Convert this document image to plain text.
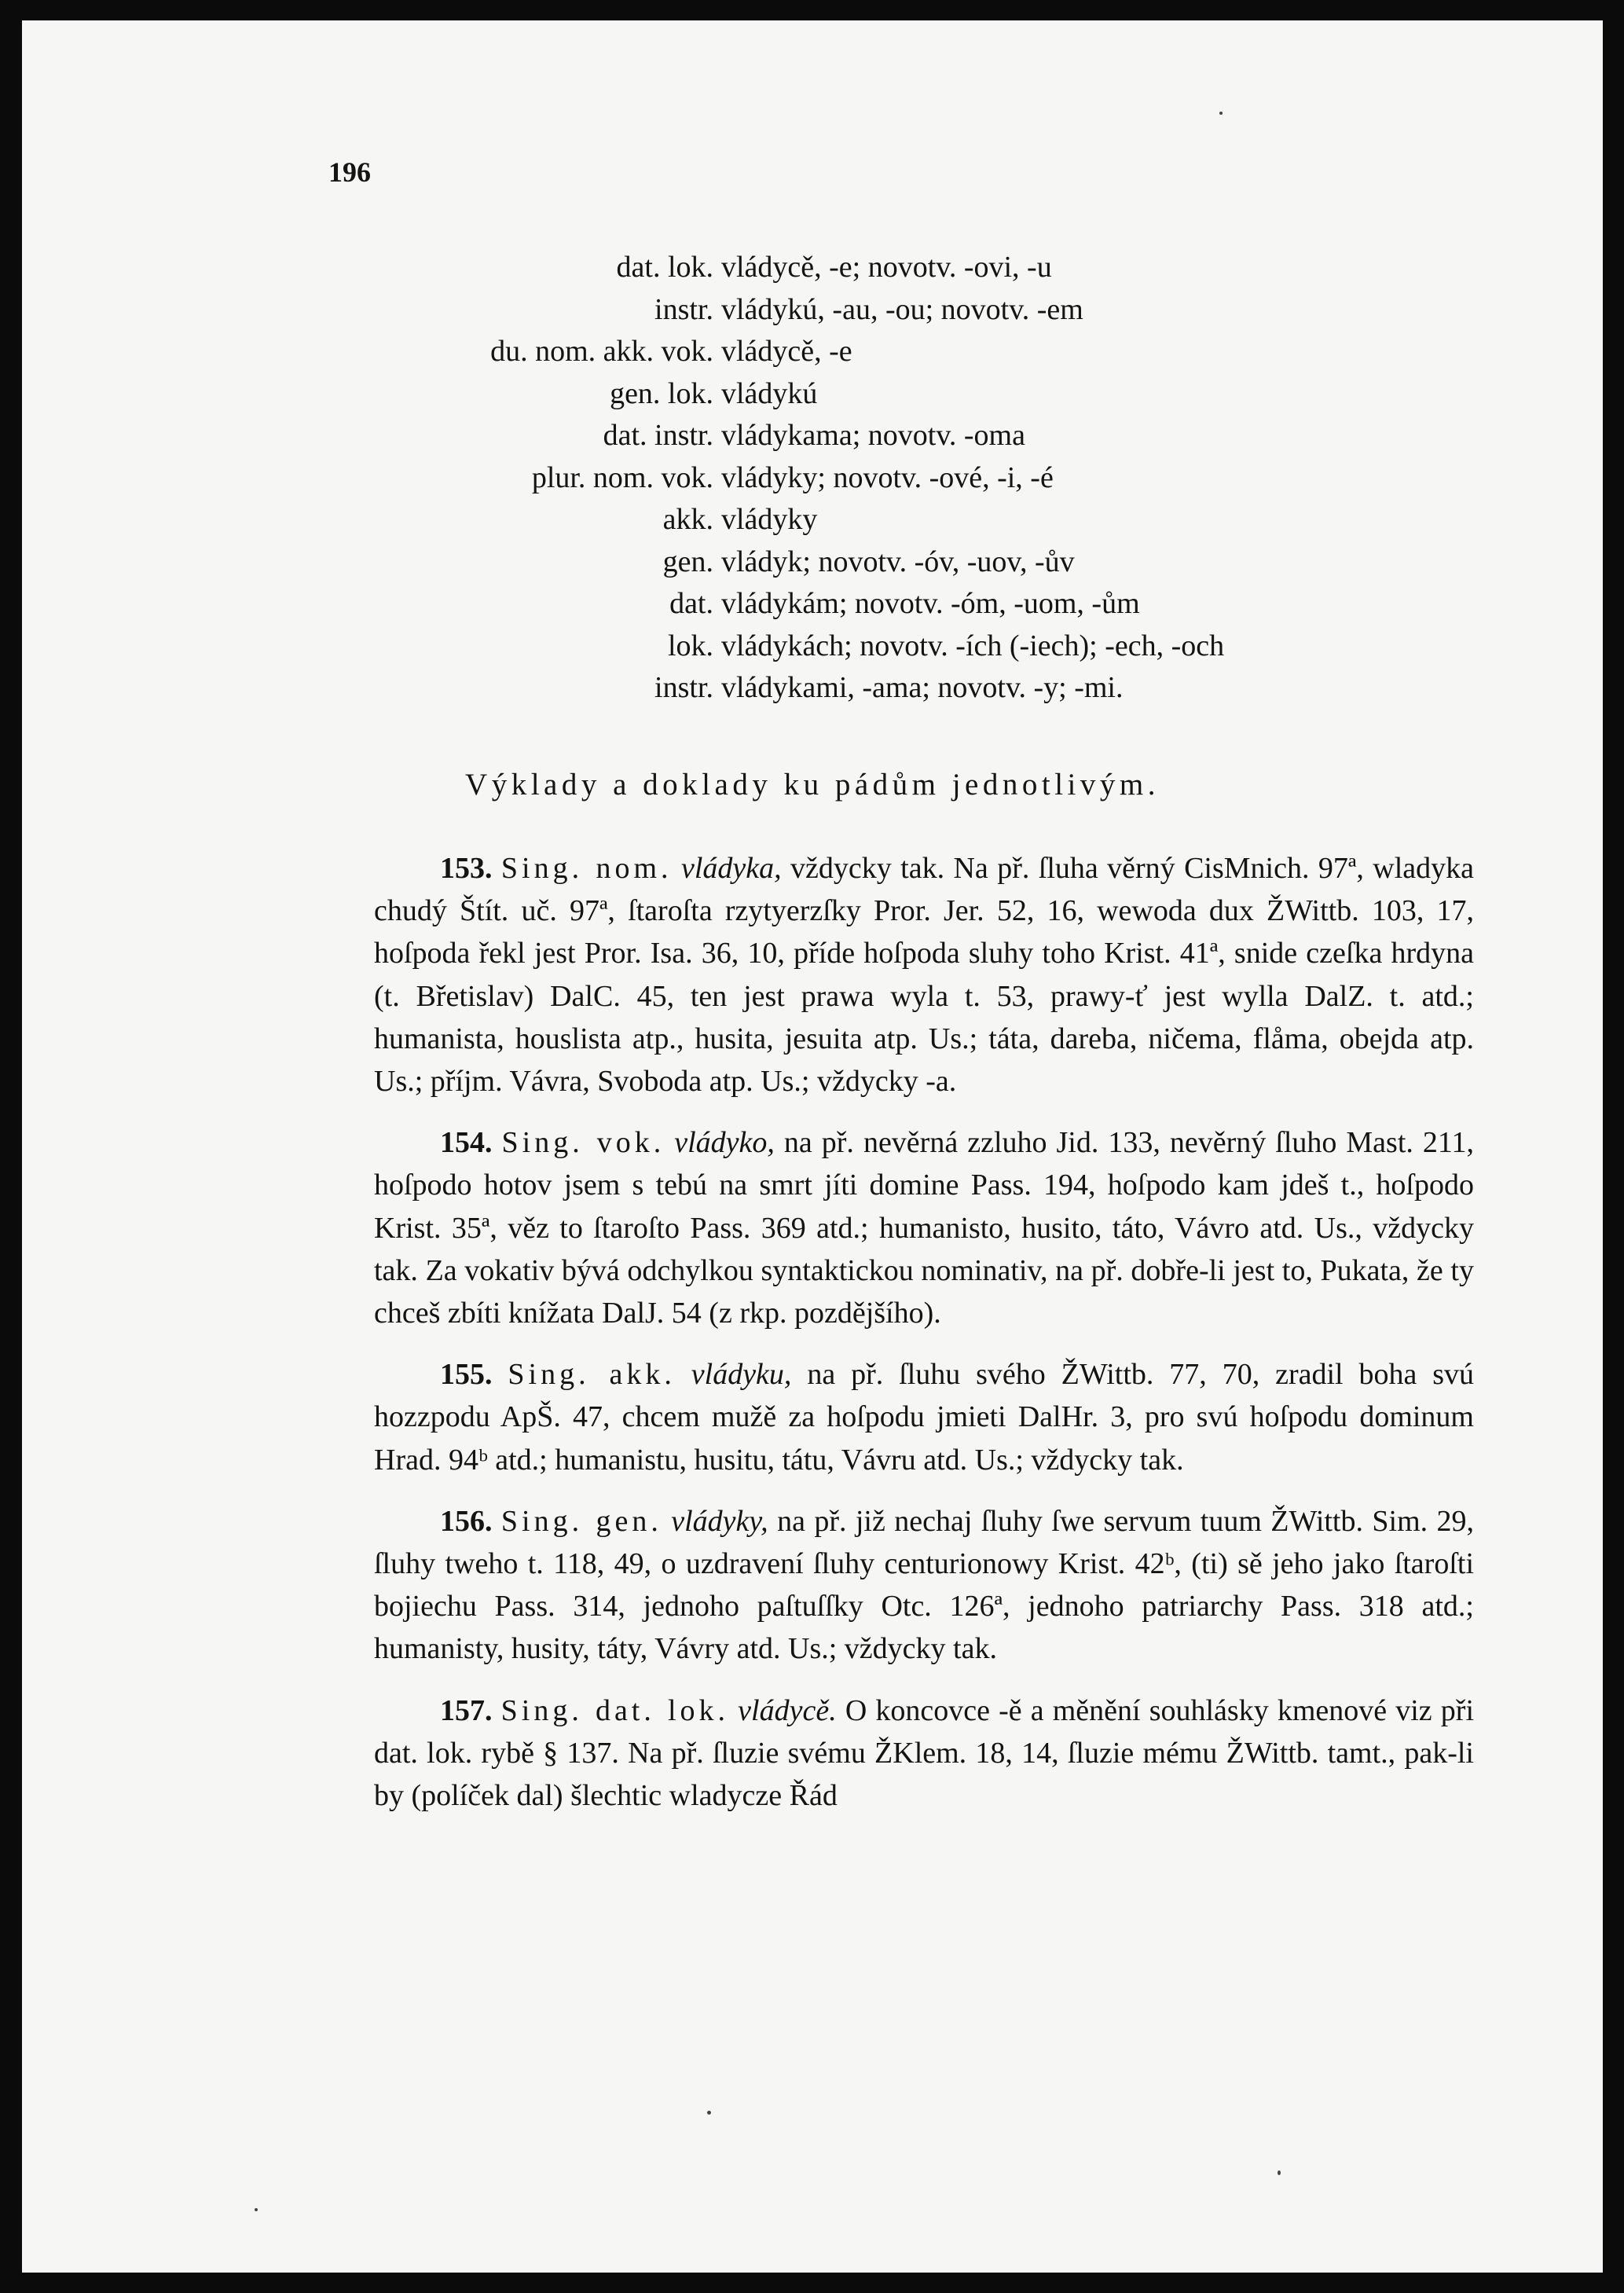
196
dat. lok. vládycě, -e; novotv. -ovi, -u
instr. vládykú, -au, -ou; novotv. -em
du. nom. akk. vok. vládycě, -e
gen. lok. vládykú
dat. instr. vládykama; novotv. -oma
plur. nom. vok. vládyky; novotv. -ové, -i, -é
akk. vládyky
gen. vládyk; novotv. -óv, -uov, -ův
dat. vládykám; novotv. -óm, -uom, -ům
lok. vládykách; novotv. -ích (-iech); -ech, -och
instr. vládykami, -ama; novotv. -y; -mi.
Výklady a doklady ku pádům jednotlivým.

153. Sing. nom. vládyka, vždycky tak. Na př. ſluha věrný CisMnich. 97ª, wladyka chudý Štít. uč. 97ª, ſtaroſta rzytyerzſky Pror. Jer. 52, 16, wewoda dux ŽWittb. 103, 17, hoſpoda řekl jest Pror. Isa. 36, 10, příde hoſpoda sluhy toho Krist. 41ª, snide czeſka hrdyna (t. Břetislav) DalC. 45, ten jest prawa wyla t. 53, prawy-ť jest wylla DalZ. t. atd.; humanista, houslista atp., husita, jesuita atp. Us.; táta, dareba, ničema, flåma, obejda atp. Us.; příjm. Vávra, Svoboda atp. Us.; vždycky -a.

154. Sing. vok. vládyko, na př. nevěrná zzluho Jid. 133, nevěrný ſluho Mast. 211, hoſpodo hotov jsem s tebú na smrt jíti domine Pass. 194, hoſpodo kam jdeš t., hoſpodo Krist. 35ª, věz to ſtaroſto Pass. 369 atd.; humanisto, husito, táto, Vávro atd. Us., vždycky tak. Za vokativ bývá odchylkou syntaktickou nominativ, na př. dobře-li jest to, Pukata, že ty chceš zbíti knížata DalJ. 54 (z rkp. pozdějšího).

155. Sing. akk. vládyku, na př. ſluhu svého ŽWittb. 77, 70, zradil boha svú hozzpodu ApŠ. 47, chcem mužě za hoſpodu jmieti DalHr. 3, pro svú hoſpodu dominum Hrad. 94ᵇ atd.; humanistu, husitu, tátu, Vávru atd. Us.; vždycky tak.

156. Sing. gen. vládyky, na př. již nechaj ſluhy ſwe servum tuum ŽWittb. Sim. 29, ſluhy tweho t. 118, 49, o uzdravení ſluhy centurionowy Krist. 42ᵇ, (ti) sě jeho jako ſtaroſti bojiechu Pass. 314, jednoho paſtuſſky Otc. 126ª, jednoho patriarchy Pass. 318 atd.; humanisty, husity, táty, Vávry atd. Us.; vždycky tak.

157. Sing. dat. lok. vládycě. O koncovce -ě a měnění souhlásky kmenové viz při dat. lok. rybě § 137. Na př. ſluzie svému ŽKlem. 18, 14, ſluzie mému ŽWittb. tamt., pak-li by (políček dal) šlechtic wladycze Řád
